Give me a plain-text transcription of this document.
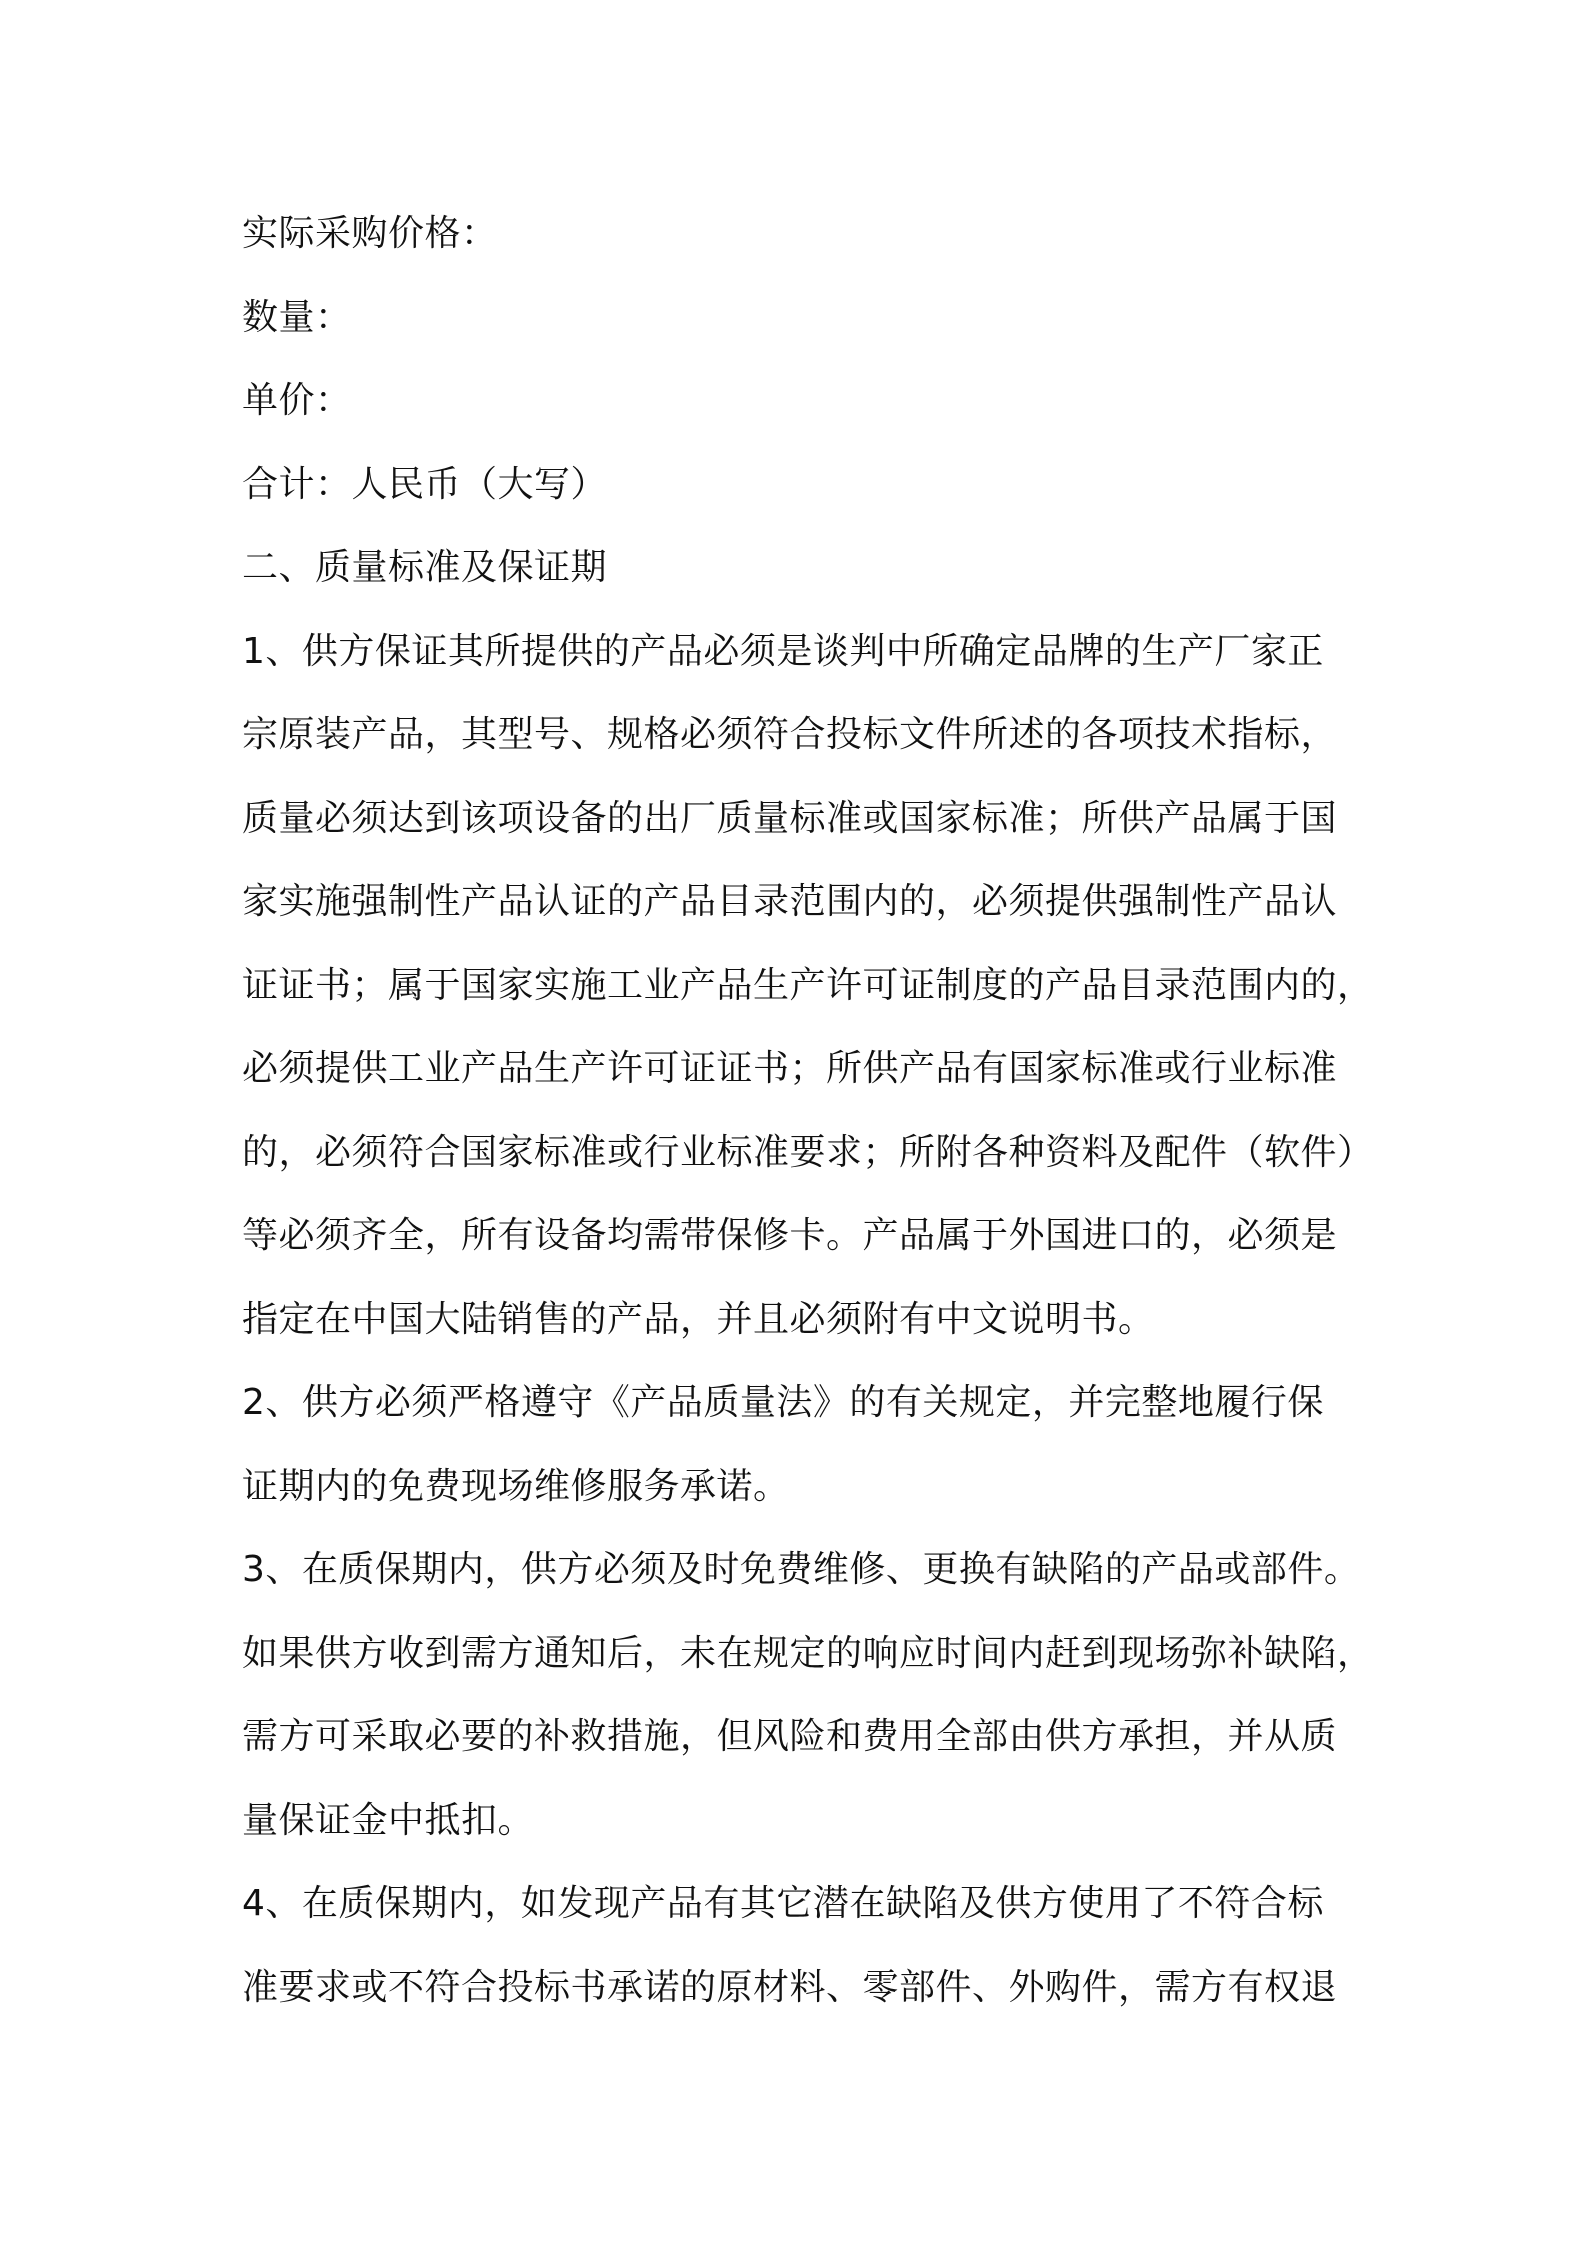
实际采购价格：
数量：
单价：
合计：人民币（大写）
二、质量标准及保证期
1、供方保证其所提供的产品必须是谈判中所确定品牌的生产厂家正
宗原装产品，其型号、规格必须符合投标文件所述的各项技术指标，
质量必须达到该项设备的出厂质量标准或国家标准；所供产品属于国
家实施强制性产品认证的产品目录范围内的，必须提供强制性产品认
证证书；属于国家实施工业产品生产许可证制度的产品目录范围内的，
必须提供工业产品生产许可证证书；所供产品有国家标准或行业标准
的，必须符合国家标准或行业标准要求；所附各种资料及配件（软件）
等必须齐全，所有设备均需带保修卡。产品属于外国进口的，必须是
指定在中国大陆销售的产品，并且必须附有中文说明书。
2、供方必须严格遵守《产品质量法》的有关规定，并完整地履行保
证期内的免费现场维修服务承诺。
3、在质保期内，供方必须及时免费维修、更换有缺陷的产品或部件。
如果供方收到需方通知后，未在规定的响应时间内赶到现场弥补缺陷，
需方可采取必要的补救措施，但风险和费用全部由供方承担，并从质
量保证金中抵扣。
4、在质保期内，如发现产品有其它潜在缺陷及供方使用了不符合标
准要求或不符合投标书承诺的原材料、零部件、外购件，需方有权退
